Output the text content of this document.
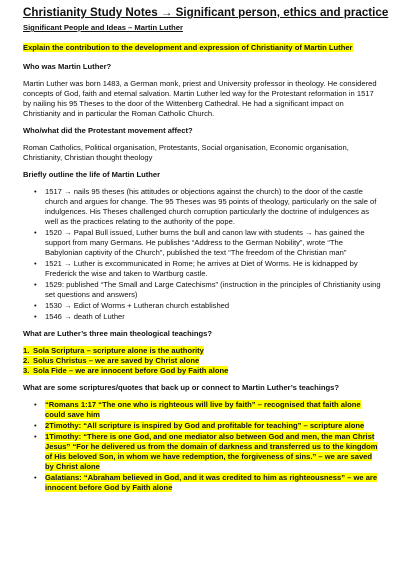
Christianity Study Notes → Significant person, ethics and practice
Significant People and Ideas – Martin Luther
Explain the contribution to the development and expression of Christianity of Martin Luther

Who was Martin Luther?

Martin Luther was born 1483, a German monk, priest and University professor in theology. He considered concepts of God, faith and eternal salvation. Martin Luther led way for the Protestant reformation in 1517 by nailing his 95 Theses to the door of the Wittenberg Cathedral. He had a significant impact on Christianity and in particular the Roman Catholic Church.

Who/what did the Protestant movement affect?

Roman Catholics, Political organisation, Protestants, Social organisation, Economic organisation, Christianity, Christian thought theology

Briefly outline the life of Martin Luther

• 1517 → nails 95 theses (his attitudes or objections against the church) to the door of the castle church and argues for change. The 95 Theses was 95 points of theology, particularly on the sale of indulgences. His Theses challenged church corruption particularly the doctrine of indulgences as well as the practices relating to the authority of the pope.
• 1520 → Papal Bull issued, Luther burns the bull and canon law with students → has gained the support from many Germans. He publishes “Address to the German Nobility”, wrote “The Babylonian captivity of the Church”, published the text “The freedom of the Christian man”
• 1521 → Luther is excommunicated in Rome; he arrives at Diet of Worms. He is kidnapped by Frederick the wise and taken to Wartburg castle.
• 1529: published “The Small and Large Catechisms” (instruction in the principles of Christianity using set questions and answers)
• 1530 → Edict of Worms + Lutheran church established
• 1546 → death of Luther

What are Luther’s three main theological teachings?

1. Sola Scriptura – scripture alone is the authority
2. Solus Christus – we are saved by Christ alone
3. Sola Fide – we are innocent before God by Faith alone

What are some scriptures/quotes that back up or connect to Martin Luther’s teachings?

• “Romans 1:17 “The one who is righteous will live by faith” – recognised that faith alone could save him
• 2Timothy: “All scripture is inspired by God and profitable for teaching” – scripture alone
• 1Timothy: “There is one God, and one mediator also between God and men, the man Christ Jesus” “For he delivered us from the domain of darkness and transferred us to the kingdom of His beloved Son, in whom we have redemption, the forgiveness of sins.” – we are saved by Christ alone
• Galatians: “Abraham believed in God, and it was credited to him as righteousness” – we are innocent before God by Faith alone
